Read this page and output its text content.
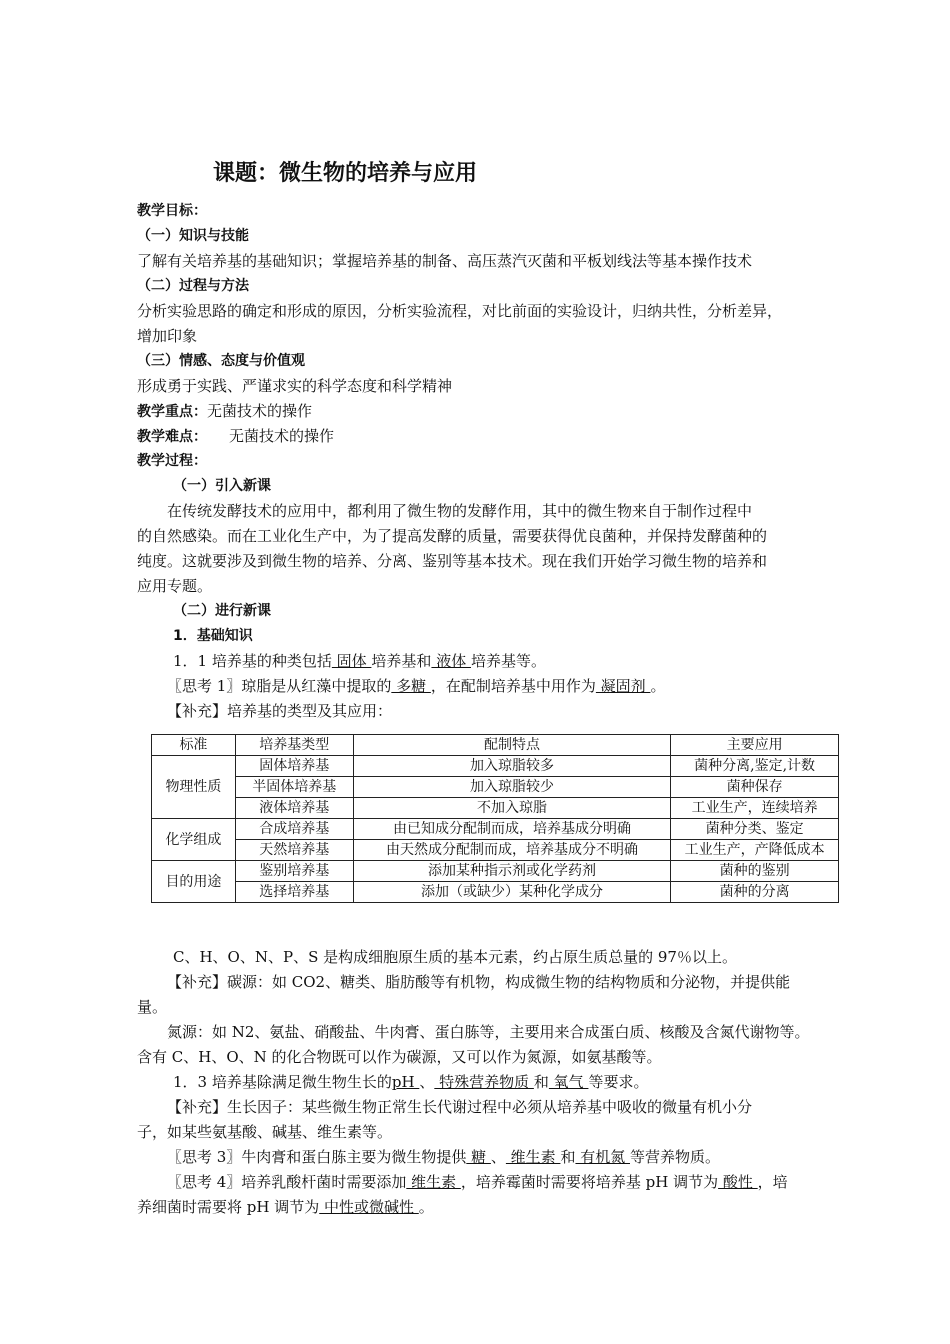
课题：微生物的培养与应用
教学目标：
（一）知识与技能
了解有关培养基的基础知识；掌握培养基的制备、高压蒸汽灭菌和平板划线法等基本操作技术
（二）过程与方法
分析实验思路的确定和形成的原因，分析实验流程，对比前面的实验设计，归纳共性，分析差异，
增加印象
（三）情感、态度与价值观
形成勇于实践、严谨求实的科学态度和科学精神
教学重点：无菌技术的操作
教学难点： 无菌技术的操作
教学过程：
（一）引入新课
在传统发酵技术的应用中，都利用了微生物的发酵作用，其中的微生物来自于制作过程中
的自然感染。而在工业化生产中，为了提高发酵的质量，需要获得优良菌种，并保持发酵菌种的
纯度。这就要涉及到微生物的培养、分离、鉴别等基本技术。现在我们开始学习微生物的培养和
应用专题。
（二）进行新课
1．基础知识
1．1 培养基的种类包括 固体 培养基和 液体 培养基等。
〖思考 1〗琼脂是从红藻中提取的 多糖 ，在配制培养基中用作为 凝固剂 。
【补充】培养基的类型及其应用：
标准	培养基类型	配制特点	主要应用
物理性质	固体培养基	加入琼脂较多	菌种分离,鉴定,计数
	半固体培养基	加入琼脂较少	菌种保存
	液体培养基	不加入琼脂	工业生产，连续培养
化学组成	合成培养基	由已知成分配制而成，培养基成分明确	菌种分类、鉴定
	天然培养基	由天然成分配制而成，培养基成分不明确	工业生产，产降低成本
目的用途	鉴别培养基	添加某种指示剂或化学药剂	菌种的鉴别
	选择培养基	添加（或缺少）某种化学成分	菌种的分离
C、H、O、N、P、S 是构成细胞原生质的基本元素，约占原生质总量的 97％以上。
【补充】碳源：如 CO2、糖类、脂肪酸等有机物，构成微生物的结构物质和分泌物，并提供能
量。
氮源：如 N2、氨盐、硝酸盐、牛肉膏、蛋白胨等，主要用来合成蛋白质、核酸及含氮代谢物等。
含有 C、H、O、N 的化合物既可以作为碳源，又可以作为氮源，如氨基酸等。
1．3 培养基除满足微生物生长的pH 、 特殊营养物质 和 氧气 等要求。
【补充】生长因子：某些微生物正常生长代谢过程中必须从培养基中吸收的微量有机小分
子，如某些氨基酸、碱基、维生素等。
〖思考 3〗牛肉膏和蛋白胨主要为微生物提供 糖 、 维生素 和 有机氮 等营养物质。
〖思考 4〗培养乳酸杆菌时需要添加 维生素 ，培养霉菌时需要将培养基 pH 调节为 酸性 ，培
养细菌时需要将 pH 调节为 中性或微碱性 。
